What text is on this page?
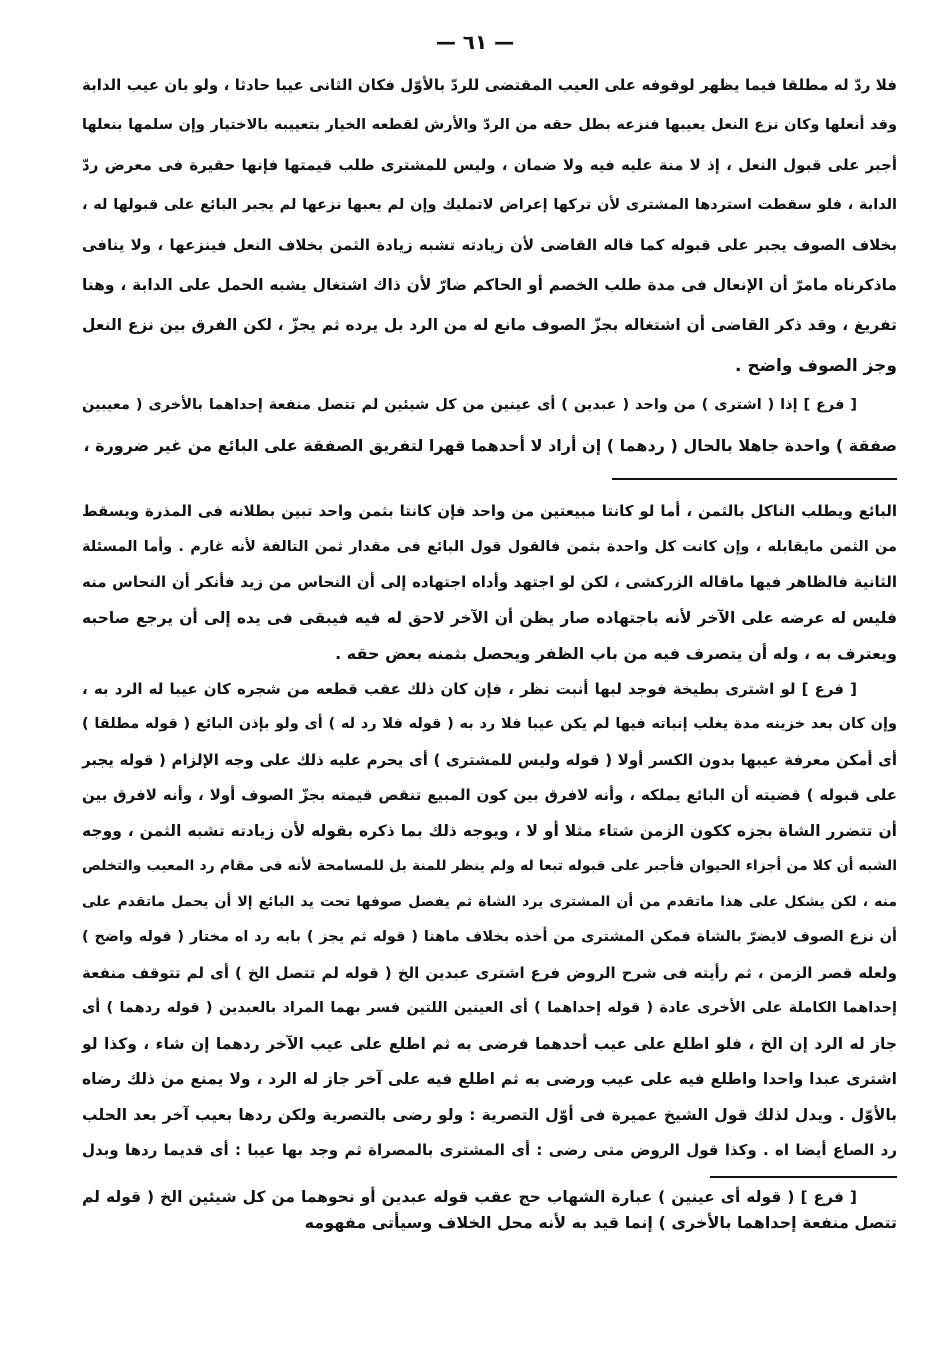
— ٦١ —
فلا ردّ له مطلقا فيما يظهر لوقوفه على العيب المقتضى للردّ بالأوّل فكان الثانى عيبا حادثا ، ولو بان عيب الدابة
وقد أنعلها وكان نزع النعل يعيبها فنزعه بطل حقه من الردّ والأرش لقطعه الخيار بتعييبه بالاختيار وإن سلمها بنعلها
أجبر على قبول النعل ، إذ لا منة عليه فيه ولا ضمان ، وليس للمشترى طلب قيمتها فإنها حقيرة فى معرض ردّ
الدابة ، فلو سقطت استردها المشترى لأن تركها إعراض لاتمليك وإن لم يعبها نزعها لم يجبر البائع على قبولها له ،
بخلاف الصوف يجبر على قبوله كما قاله القاضى لأن زيادته تشبه زيادة الثمن بخلاف النعل فينزعها ، ولا ينافى
ماذكرناه مامرّ أن الإنعال فى مدة طلب الخصم أو الحاكم ضارّ لأن ذاك اشتغال يشبه الحمل على الدابة ، وهنا
تفريغ ، وقد ذكر القاضى أن اشتغاله بجزّ الصوف مانع له من الرد بل يرده ثم يجزّ ، لكن الفرق بين نزع النعل
وجز الصوف واضح .
[ فرع ] إذا ( اشترى ) من واحد ( عبدين ) أى عينين من كل شيئين لم تتصل منفعة إحداهما بالأخرى ( معيبين
صفقة ) واحدة جاهلا بالحال ( ردهما ) إن أراد لا أحدهما قهرا لتفريق الصفقة على البائع من غير ضرورة ،
البائع ويطلب الناكل بالثمن ، أما لو كانتا مبيعتين من واحد فإن كانتا بثمن واحد تبين بطلانه فى المذرة ويسقط
من الثمن مايقابله ، وإن كانت كل واحدة بثمن فالقول قول البائع فى مقدار ثمن التالفة لأنه غارم . وأما المسئلة
الثانية فالظاهر فيها ماقاله الزركشى ، لكن لو اجتهد وأداه اجتهاده إلى أن النحاس من زيد فأنكر أن النحاس منه
فليس له عرضه على الآخر لأنه باجتهاده صار يظن أن الآخر لاحق له فيه فيبقى فى يده إلى أن يرجع صاحبه
ويعترف به ، وله أن يتصرف فيه من باب الظفر ويحصل بثمنه بعض حقه .
[ فرع ] لو اشترى بطيخة فوجد لبها أنبت نظر ، فإن كان ذلك عقب قطعه من شجره كان عيبا له الرد به ،
وإن كان بعد خزينه مدة يغلب إنباته فيها لم يكن عيبا فلا رد به ( قوله فلا رد له ) أى ولو بإذن البائع ( قوله مطلقا )
أى أمكن معرفة عيبها بدون الكسر أولا ( قوله وليس للمشترى ) أى يحرم عليه ذلك على وجه الإلزام ( قوله يجبر
على قبوله ) قضيته أن البائع يملكه ، وأنه لافرق بين كون المبيع تنقص قيمته بجزّ الصوف أولا ، وأنه لافرق بين
أن تتضرر الشاة بجزه ككون الزمن شتاء مثلا أو لا ، ويوجه ذلك بما ذكره بقوله لأن زيادته تشبه الثمن ، ووجه
الشبه أن كلا من أجزاء الحيوان فأجبر على قبوله تبعا له ولم ينظر للمنة بل للمسامحة لأنه فى مقام رد المعيب والتخلص
منه ، لكن يشكل على هذا ماتقدم من أن المشترى يرد الشاة ثم يفصل صوفها تحت يد البائع إلا أن يحمل ماتقدم على
أن نزع الصوف لايضرّ بالشاة فمكن المشترى من أخذه بخلاف ماهنا ( قوله ثم يجز ) بابه رد اه مختار ( قوله واضح )
ولعله قصر الزمن ، ثم رأيته فى شرح الروض فرع اشترى عبدين الخ ( قوله لم تتصل الخ ) أى لم تتوقف منفعة
إحداهما الكاملة على الأخرى عادة ( قوله إحداهما ) أى العينين اللتين فسر بهما المراد بالعبدين ( قوله ردهما ) أى
جاز له الرد إن الخ ، فلو اطلع على عيب أحدهما فرضى به ثم اطلع على عيب الآخر ردهما إن شاء ، وكذا لو
اشترى عبدا واحدا واطلع فيه على عيب ورضى به ثم اطلع فيه على آخر جاز له الرد ، ولا يمنع من ذلك رضاه
بالأوّل . ويدل لذلك قول الشيخ عميرة فى أوّل التصرية : ولو رضى بالتصرية ولكن ردها بعيب آخر بعد الحلب
رد الصاع أيضا اه . وكذا قول الروض متى رضى : أى المشترى بالمصراة ثم وجد بها عيبا : أى قديما ردها وبدل
[ فرع ] ( قوله أى عينين ) عبارة الشهاب حج عقب قوله عبدين أو نحوهما من كل شيئين الخ ( قوله لم
تتصل منفعة إحداهما بالأخرى ) إنما قيد به لأنه محل الخلاف وسيأتى مفهومه
